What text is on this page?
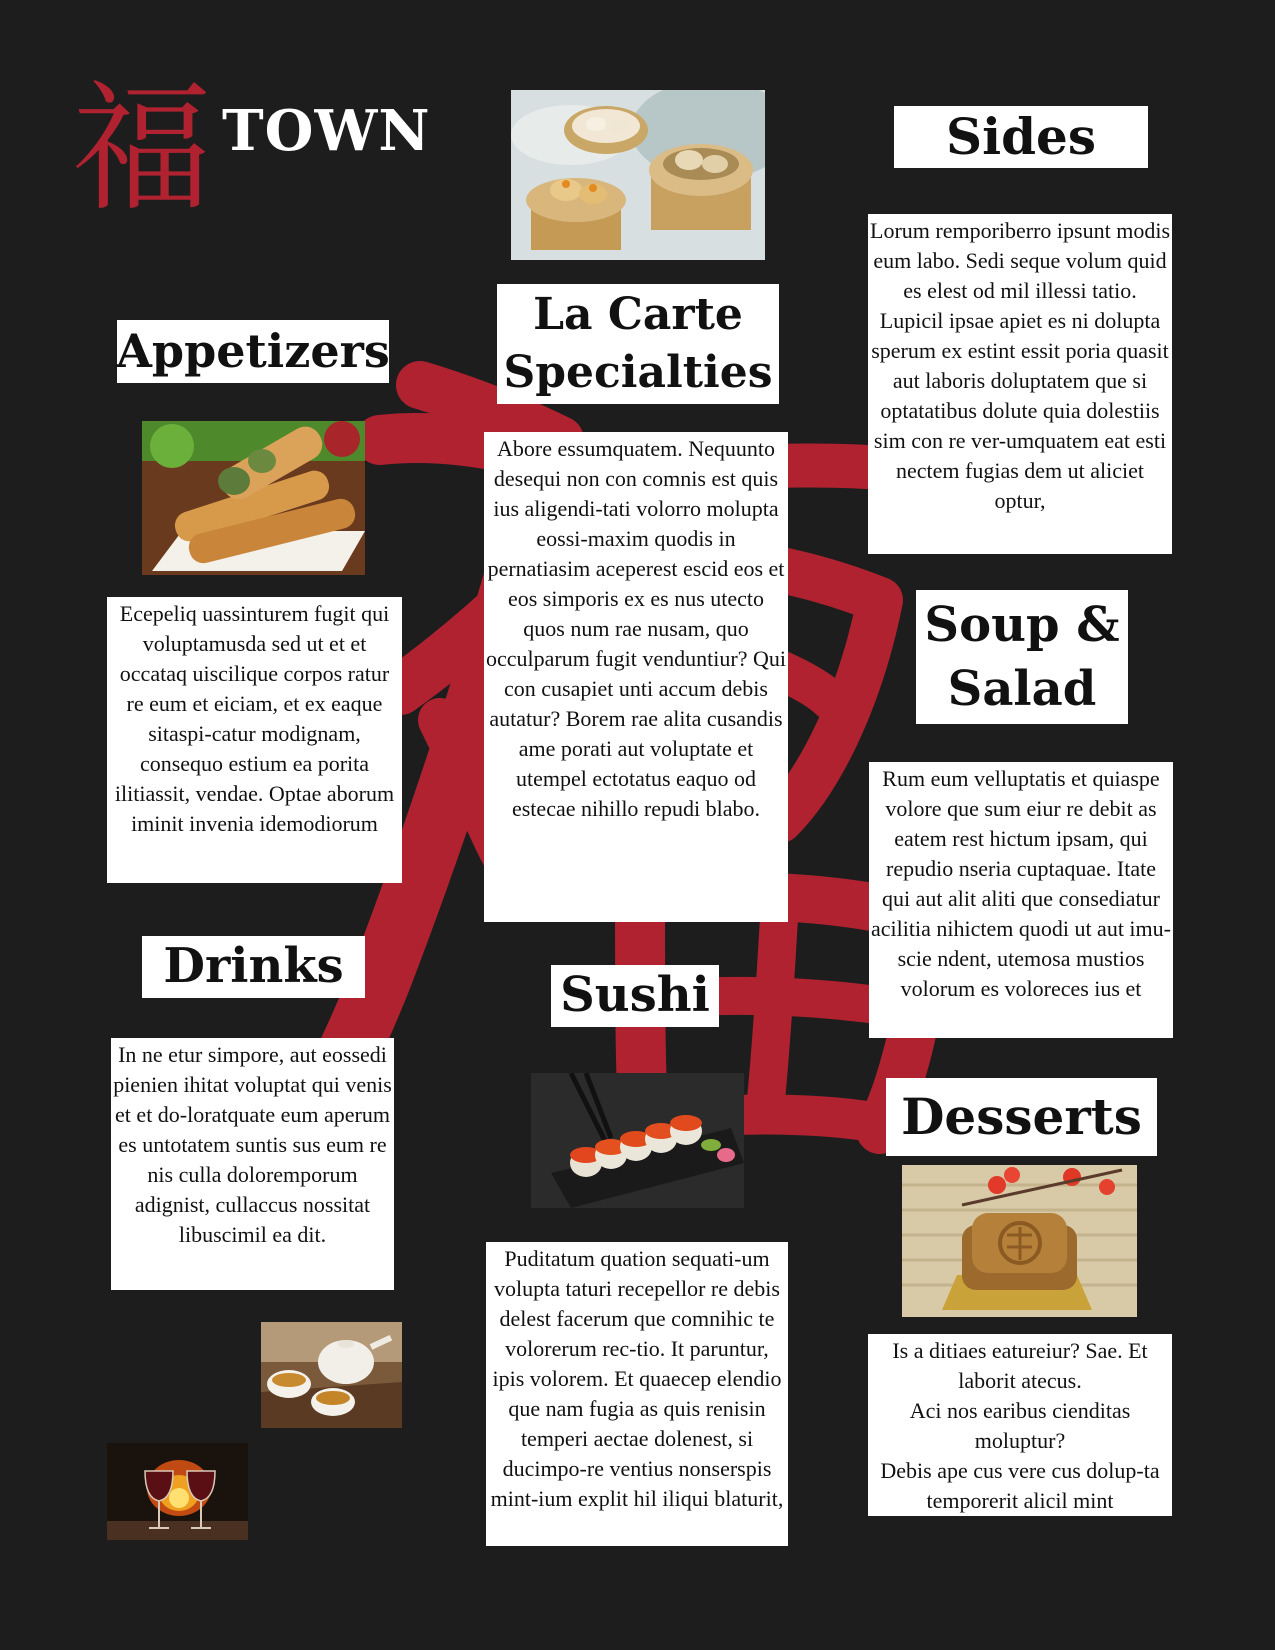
福 TOWN	Sides

Lorum remporiberro ipsunt modis eum labo. Sedi seque volum quid es elest od mil illessi tatio. Lupicil ipsae apiet es ni dolupta sperum ex estint essit poria quasit aut laboris doluptatem que si optatatibus dolute quia dolestiis sim con re ver-umquatem eat esti nectem fugias dem ut aliciet optur,

La Carte
Specialties
Appetizers

Abore essumquatem. Nequunto desequi non con comnis est quis ius aligendi-tati volorro molupta eossi-maxim quodis in pernatiasim aceperest escid eos et eos simporis ex es nus utecto quos num rae nusam, quo occulparum fugit venduntiur? Qui con cusapiet unti accum debis autatur? Borem rae alita cusandis ame porati aut voluptate et utempel ectotatus eaquo od estecae nihillo repudi blabo.

Soup &
Salad

Ecepeliq uassinturem fugit qui voluptamusda sed ut et et occataq uiscilique corpos ratur re eum et eiciam, et ex eaque sitaspi-catur modignam, consequo estium ea porita ilitiassit, vendae. Optae aborum iminit invenia idemodiorum

Rum eum velluptatis et quiaspe volore que sum eiur re debit as eatem rest hictum ipsam, qui repudio nseria cuptaquae. Itate qui aut alit aliti que consediatur acilitia nihictem quodi ut aut imu-scie ndent, utemosa mustios volorum es voloreces ius et

Drinks
Sushi

In ne etur simpore, aut eossedi pienien ihitat voluptat qui venis et et do-loratquate eum aperum es untotatem suntis sus eum re nis culla doloremporum adignist, cullaccus nossitat libuscimil ea dit.

Desserts

Puditatum quation sequati-um volupta taturi recepellor re debis delest facerum que comnihic te volorerum rec-tio. It paruntur, ipis volorem. Et quaecep elendio que nam fugia as quis renisin temperi aectae dolenest, si ducimpo-re ventius nonserspis mint-ium explit hil iliqui blaturit,

Is a ditiaes eatureiur? Sae. Et laborit atecus.

Aci nos earibus cienditas moluptur?

Debis ape cus vere cus dolup-ta temporerit alicil mint
